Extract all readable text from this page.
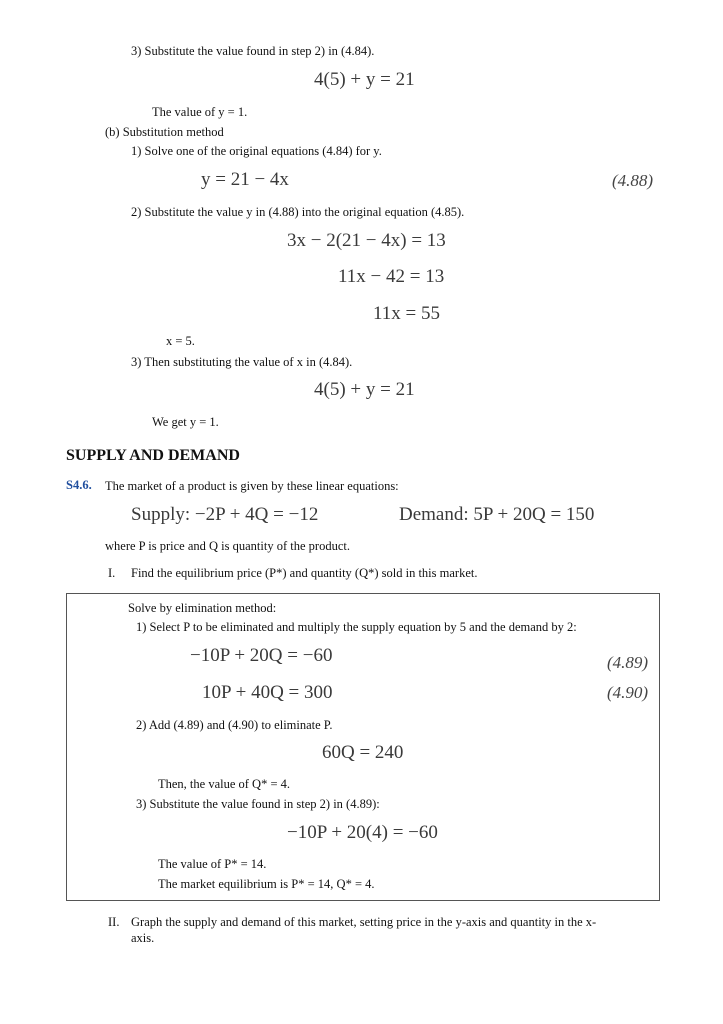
3) Substitute the value found in step 2) in (4.84).
4(5) + y = 21
The value of y = 1.
(b) Substitution method
1) Solve one of the original equations (4.84) for y.
y = 21 − 4x	(4.88)
2) Substitute the value y in (4.88) into the original equation (4.85).
3x − 2(21 − 4x) = 13
11x − 42 = 13
11x = 55
x = 5.
3) Then substituting the value of x in (4.84).
4(5) + y = 21
We get y = 1.
SUPPLY AND DEMAND
S4.6. The market of a product is given by these linear equations:
Supply: −2P + 4Q = −12	Demand: 5P + 20Q = 150
where P is price and Q is quantity of the product.
I. Find the equilibrium price (P*) and quantity (Q*) sold in this market.
Solve by elimination method:
1) Select P to be eliminated and multiply the supply equation by 5 and the demand by 2:
−10P + 20Q = −60	(4.89)
10P + 40Q = 300	(4.90)
2) Add (4.89) and (4.90) to eliminate P.
60Q = 240
Then, the value of Q* = 4.
3) Substitute the value found in step 2) in (4.89):
−10P + 20(4) = −60
The value of P* = 14.
The market equilibrium is P* = 14, Q* = 4.
II. Graph the supply and demand of this market, setting price in the y-axis and quantity in the x-
axis.
